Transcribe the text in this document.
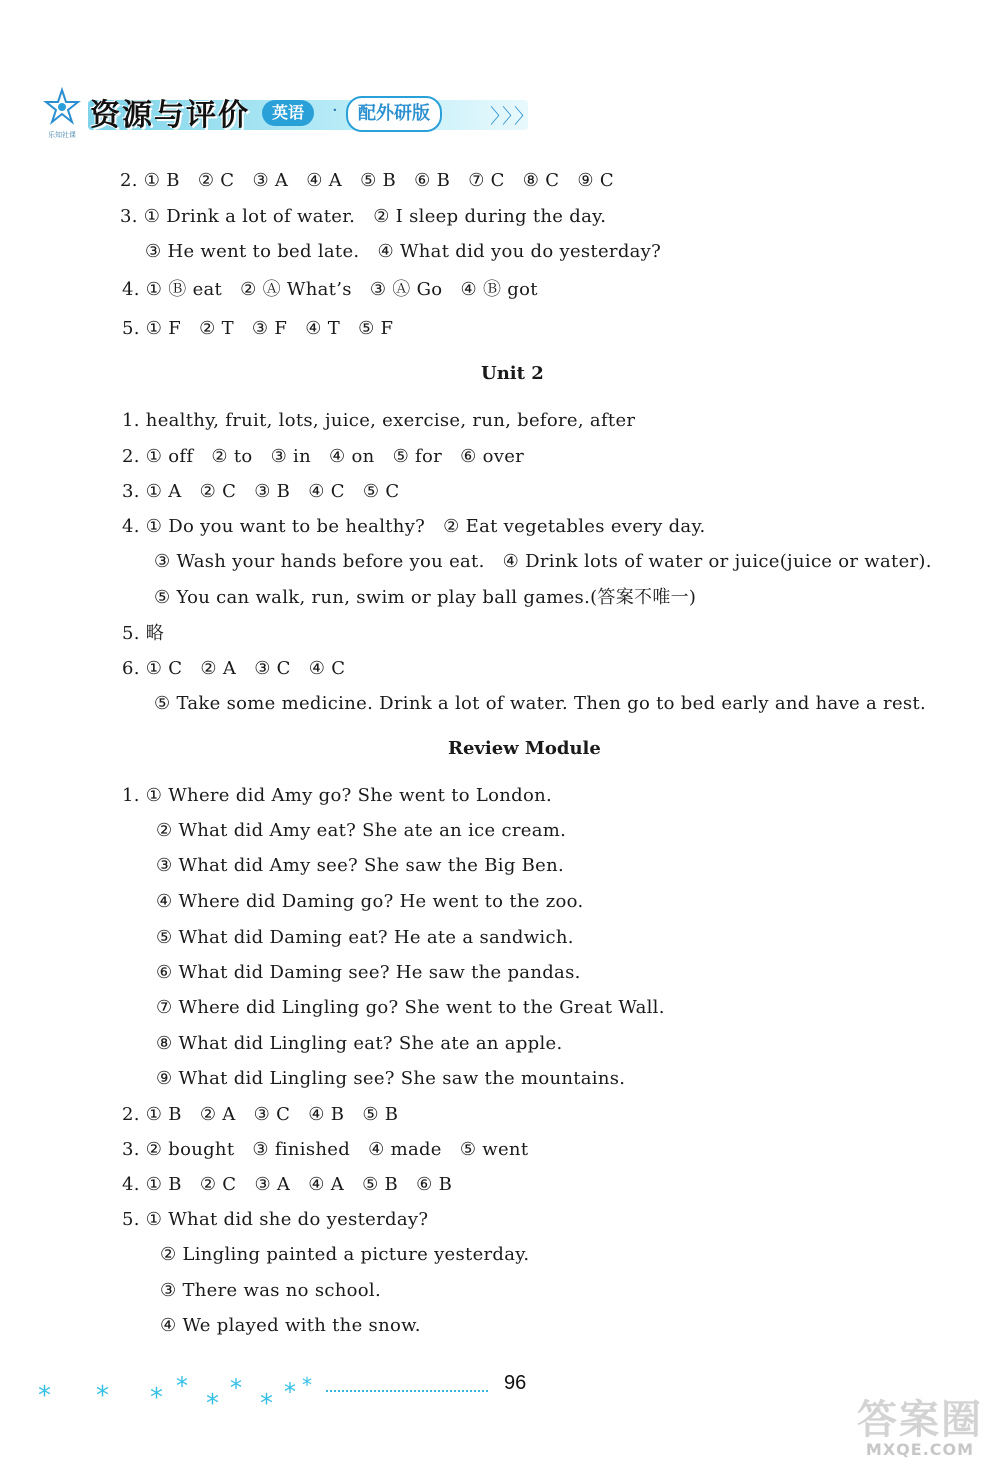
乐知社课
资源与评价	英语	·	配外研版	〉〉〉
2. ① B   ② C   ③ A   ④ A   ⑤ B   ⑥ B   ⑦ C   ⑧ C   ⑨ C
3. ① Drink a lot of water.   ② I sleep during the day.
③ He went to bed late.   ④ What did you do yesterday?
4. ① Ⓑ eat   ② Ⓐ What’s   ③ Ⓐ Go   ④ Ⓑ got
5. ① F   ② T   ③ F   ④ T   ⑤ F
Unit 2
1. healthy, fruit, lots, juice, exercise, run, before, after
2. ① off   ② to   ③ in   ④ on   ⑤ for   ⑥ over
3. ① A   ② C   ③ B   ④ C   ⑤ C
4. ① Do you want to be healthy?   ② Eat vegetables every day.
③ Wash your hands before you eat.   ④ Drink lots of water or juice(juice or water).
⑤ You can walk, run, swim or play ball games.(答案不唯一)
5. 略
6. ① C   ② A   ③ C   ④ C
⑤ Take some medicine. Drink a lot of water. Then go to bed early and have a rest.
Review Module
1. ① Where did Amy go? She went to London.
② What did Amy eat? She ate an ice cream.
③ What did Amy see? She saw the Big Ben.
④ Where did Daming go? He went to the zoo.
⑤ What did Daming eat? He ate a sandwich.
⑥ What did Daming see? He saw the pandas.
⑦ Where did Lingling go? She went to the Great Wall.
⑧ What did Lingling eat? She ate an apple.
⑨ What did Lingling see? She saw the mountains.
2. ① B   ② A   ③ C   ④ B   ⑤ B
3. ② bought   ③ finished   ④ made   ⑤ went
4. ① B   ② C   ③ A   ④ A   ⑤ B   ⑥ B
5. ① What did she do yesterday?
② Lingling painted a picture yesterday.
③ There was no school.
④ We played with the snow.
* * * *
*
*
* * *	96
答案圈
MXQE.COM
